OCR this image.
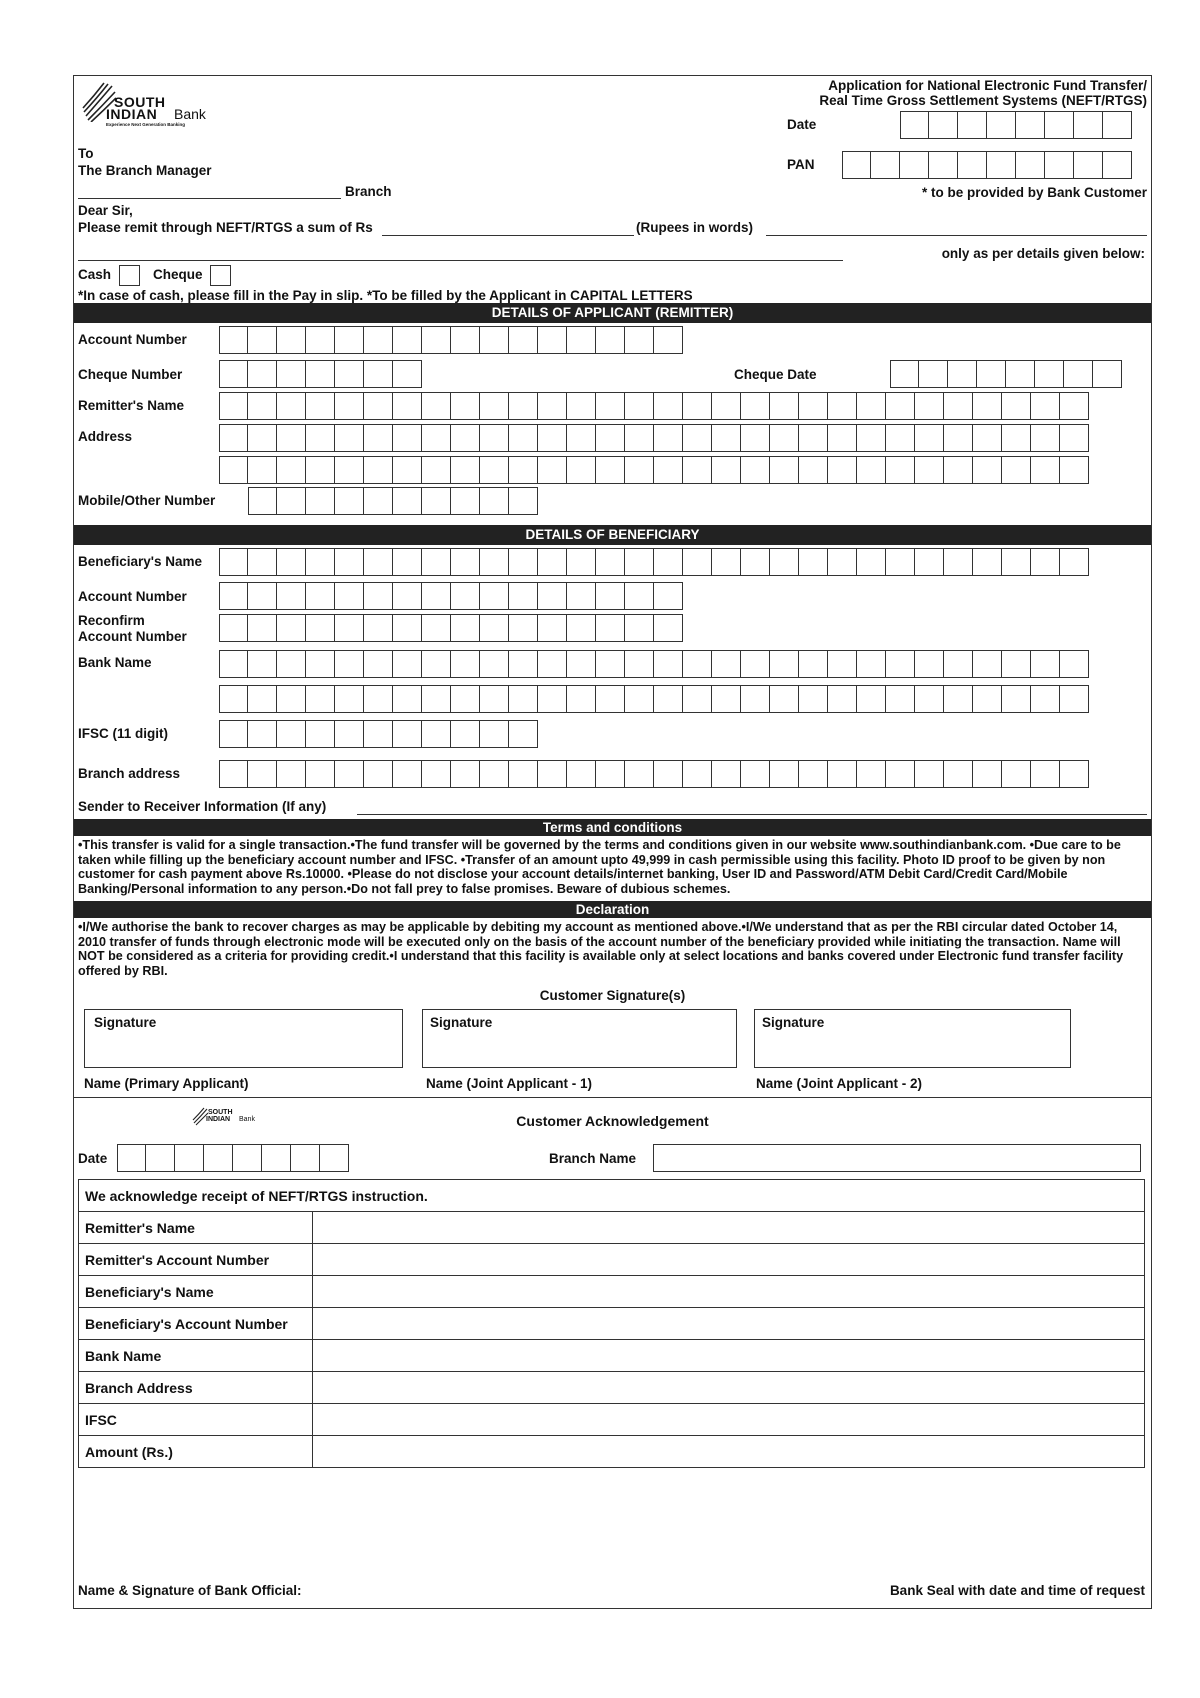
SOUTH
INDIAN Bank
Experience Next Generation Banking
Application for National Electronic Fund Transfer/
Real Time Gross Settlement Systems (NEFT/RTGS)
Date
PAN
* to be provided by Bank Customer
To
The Branch Manager
Branch
Dear Sir,
Please remit through NEFT/RTGS a sum of Rs	(Rupees in words)
only as per details given below:
Cash	Cheque
*In case of cash, please fill in the Pay in slip. *To be filled by the Applicant in CAPITAL LETTERS
DETAILS OF APPLICANT (REMITTER)
Account Number
Cheque Number	Cheque Date
Remitter's Name
Address
Mobile/Other Number
DETAILS OF BENEFICIARY
Beneficiary's Name
Account Number
Reconfirm
Account Number
Bank Name
IFSC (11 digit)
Branch address
Sender to Receiver Information (If any)
Terms and conditions
•This transfer is valid for a single transaction.•The fund transfer will be governed by the terms and conditions given in our website www.southindianbank.com. •Due care to be taken while filling up the beneficiary account number and IFSC. •Transfer of an amount upto 49,999 in cash permissible using this facility. Photo ID proof to be given by non customer for cash payment above Rs.10000. •Please do not disclose your account details/internet banking, User ID and Password/ATM Debit Card/Credit Card/Mobile Banking/Personal information to any person.•Do not fall prey to false promises. Beware of dubious schemes.
Declaration
•I/We authorise the bank to recover charges as may be applicable by debiting my account as mentioned above.•I/We understand that as per the RBI circular dated October 14, 2010 transfer of funds through electronic mode will be executed only on the basis of the account number of the beneficiary provided while initiating the transaction. Name will NOT be considered as a criteria for providing credit.•I understand that this facility is available only at select locations and banks covered under Electronic fund transfer facility offered by RBI.
Customer Signature(s)
Signature	Signature	Signature
Name (Primary Applicant)	Name (Joint Applicant - 1)	Name (Joint Applicant - 2)
SOUTH
INDIAN Bank	Customer Acknowledgement
Date	Branch Name
We acknowledge receipt of NEFT/RTGS instruction.	
Remitter's Name	
Remitter's Account Number	
Beneficiary's Name	
Beneficiary's Account Number	
Bank Name	
Branch Address	
IFSC	
Amount (Rs.)	
Name & Signature of Bank Official:	Bank Seal with date and time of request
